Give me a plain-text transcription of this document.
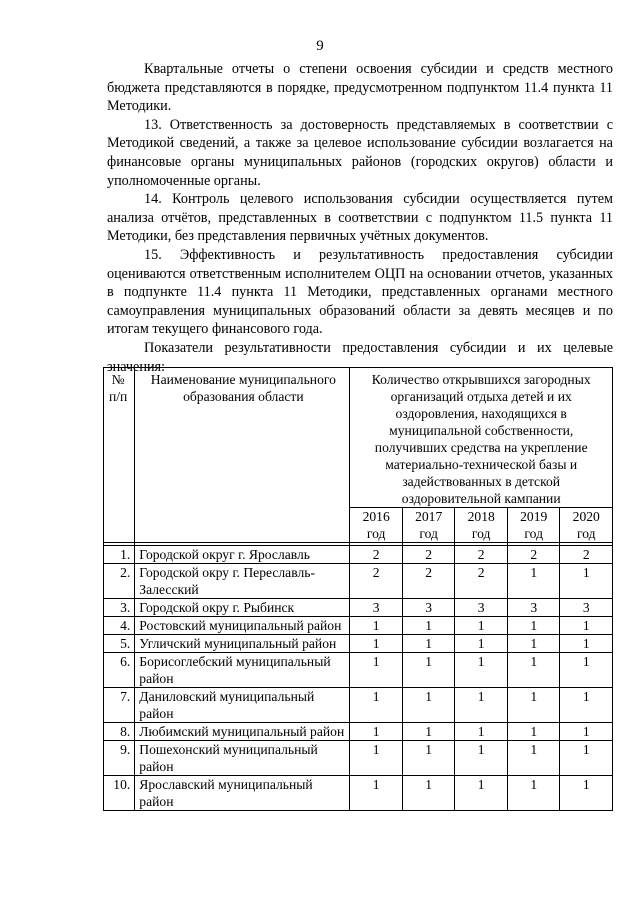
9

Квартальные отчеты о степени освоения субсидии и средств местного бюджета представляются в порядке, предусмотренном подпунктом 11.4 пункта 11 Методики.

13. Ответственность за достоверность представляемых в соответствии с Методикой сведений, а также за целевое использование субсидии возлагается на финансовые органы муниципальных районов (городских округов) области и уполномоченные органы.

14. Контроль целевого использования субсидии осуществляется путем анализа отчётов, представленных в соответствии с подпунктом 11.5 пункта 11 Методики, без представления первичных учётных документов.

15. Эффективность и результативность предоставления субсидии оцениваются ответственным исполнителем ОЦП на основании отчетов, указанных в подпункте 11.4 пункта 11 Методики, представленных органами местного самоуправления муниципальных образований области за девять месяцев и по итогам текущего финансового года.

Показатели результативности предоставления субсидии и их целевые значения:

№ п/п	Наименование муниципального образования области	Количество открывшихся загородных организаций отдыха детей и их оздоровления, находящихся в муниципальной собственности, получивших средства на укрепление материально-технической базы и задействованных в детской оздоровительной кампании				
		2016 год	2017 год	2018 год	2019 год	2020 год

1.	Городской округ г. Ярославль	2	2	2	2	2
2.	Городской окру г. Переславль-Залесский	2	2	2	1	1
3.	Городской окру г. Рыбинск	3	3	3	3	3
4.	Ростовский муниципальный район	1	1	1	1	1
5.	Угличский муниципальный район	1	1	1	1	1
6.	Борисоглебский муниципальный район	1	1	1	1	1
7.	Даниловский муниципальный район	1	1	1	1	1
8.	Любимский муниципальный район	1	1	1	1	1
9.	Пошехонский муниципальный район	1	1	1	1	1
10.	Ярославский муниципальный район	1	1	1	1	1
